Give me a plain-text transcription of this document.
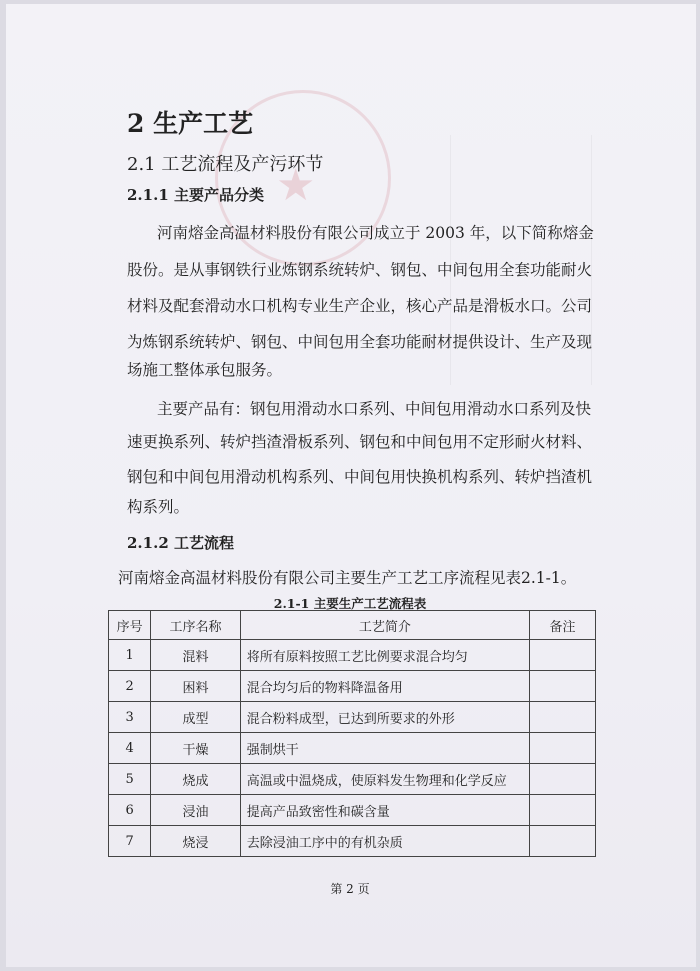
★
2 生产工艺
2.1 工艺流程及产污环节
2.1.1 主要产品分类
河南熔金高温材料股份有限公司成立于 2003 年，以下简称熔金
股份。是从事钢铁行业炼钢系统转炉、钢包、中间包用全套功能耐火
材料及配套滑动水口机构专业生产企业，核心产品是滑板水口。公司
为炼钢系统转炉、钢包、中间包用全套功能耐材提供设计、生产及现
场施工整体承包服务。
主要产品有：钢包用滑动水口系列、中间包用滑动水口系列及快
速更换系列、转炉挡渣滑板系列、钢包和中间包用不定形耐火材料、
钢包和中间包用滑动机构系列、中间包用快换机构系列、转炉挡渣机
构系列。
2.1.2 工艺流程
河南熔金高温材料股份有限公司主要生产工艺工序流程见表2.1-1。
2.1-1 主要生产工艺流程表
序号	工序名称	工艺简介	备注
1	混料	将所有原料按照工艺比例要求混合均匀	
2	困料	混合均匀后的物料降温备用	
3	成型	混合粉料成型，已达到所要求的外形	
4	干燥	强制烘干	
5	烧成	高温或中温烧成，使原料发生物理和化学反应	
6	浸油	提高产品致密性和碳含量	
7	烧浸	去除浸油工序中的有机杂质	
第 2 页
